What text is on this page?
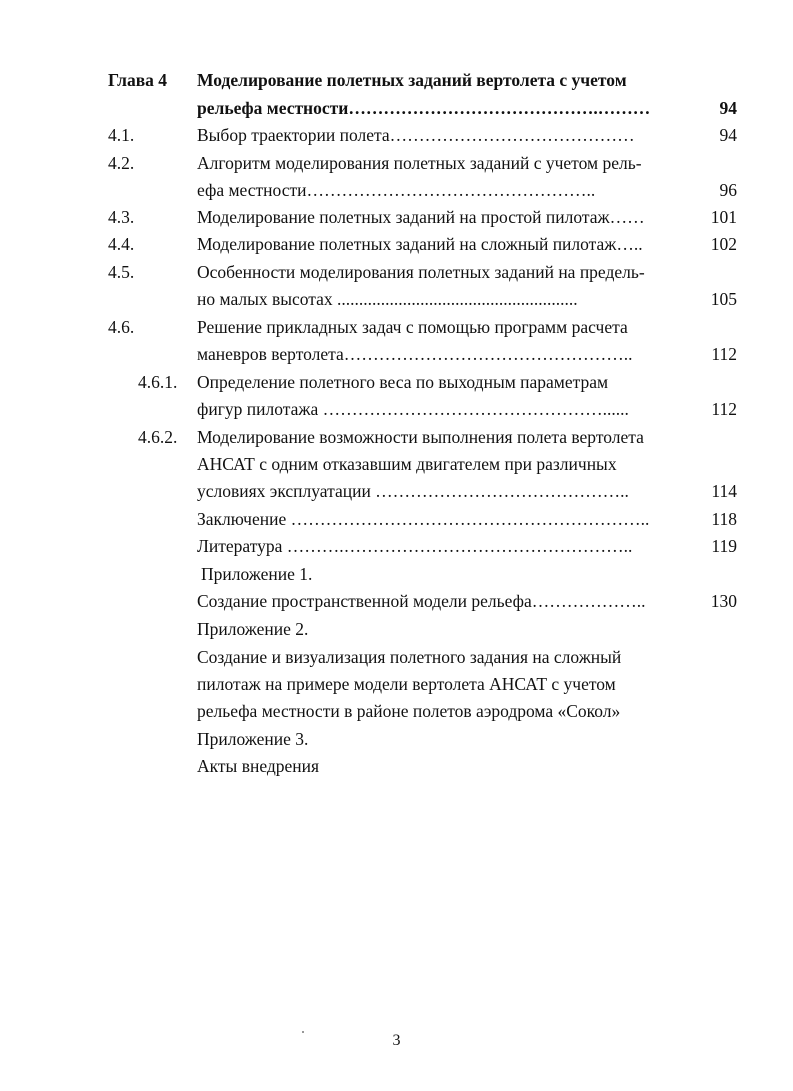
Глава 4 Моделирование полетных заданий вертолета с учетом
рельефа местности…………………………………….………	94
4.1.	Выбор траектории полета……………………………………	94
4.2.	Алгоритм моделирования полетных заданий с учетом рель-
ефа местности…………………………………………..	96
4.3.	Моделирование полетных заданий на простой пилотаж……	101
4.4.	Моделирование полетных заданий на сложный пилотаж…..	102
4.5.	Особенности моделирования полетных заданий на предель-
но малых высотах .......................................................	105
4.6.	Решение прикладных задач с помощью программ расчета
маневров вертолета…………………………………………..	112
4.6.1. Определение полетного веса по выходным параметрам
фигур пилотажа …………………………………………......	112
4.6.2. Моделирование возможности выполнения полета вертолета
АНСАТ с одним отказавшим двигателем при различных
условиях эксплуатации ……………………………………..	114
Заключение ……………………………………………………..	118
Литература ……….…………………………………………..	119
Приложение 1.
Создание пространственной модели рельефа………………..	130
Приложение 2.
Создание и визуализация полетного задания на сложный
пилотаж на примере модели вертолета АНСАТ с учетом
рельефа местности в районе полетов аэродрома «Сокол»
Приложение 3.
Акты внедрения
3
